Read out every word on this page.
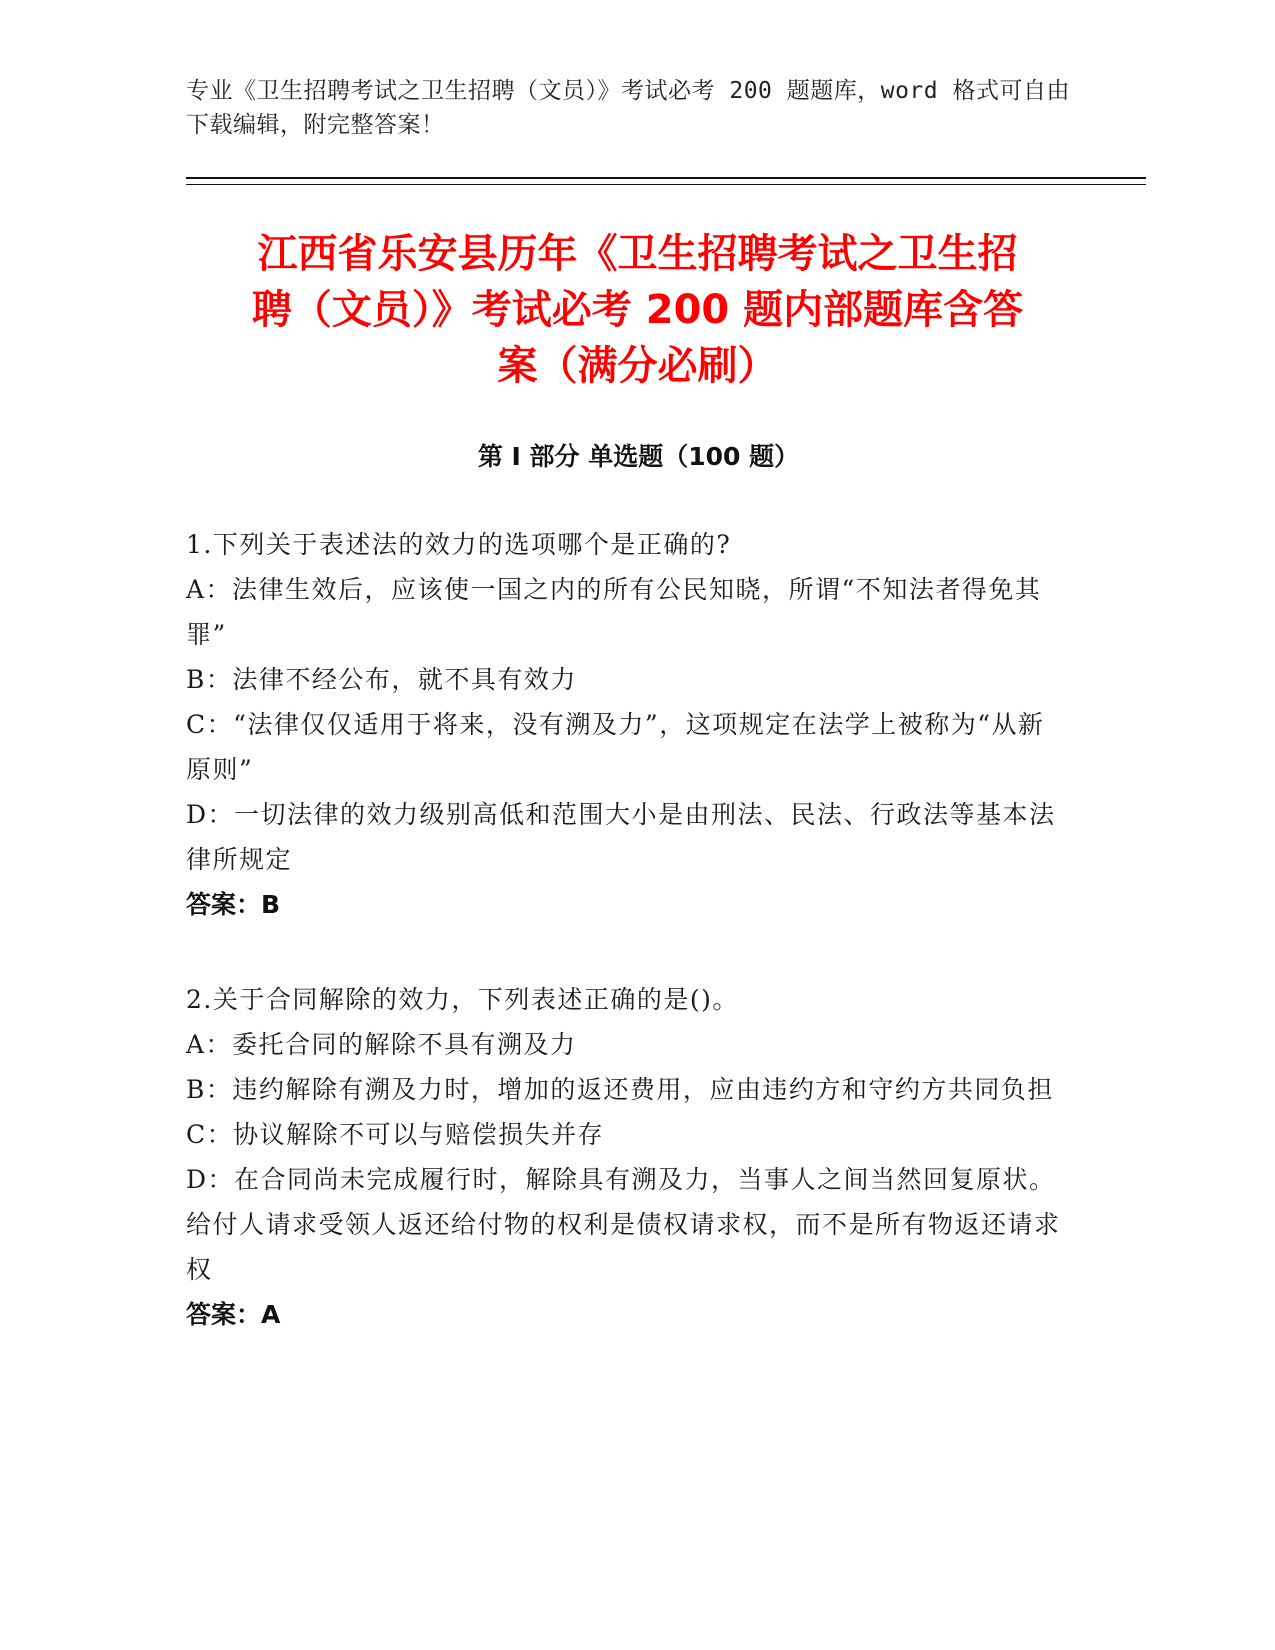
专业《卫生招聘考试之卫生招聘（文员）》考试必考 200 题题库，word 格式可自由下载编辑，附完整答案！
江西省乐安县历年《卫生招聘考试之卫生招
聘（文员）》考试必考 200 题内部题库含答
案（满分必刷）
第 I 部分 单选题（100 题）

1.下列关于表述法的效力的选项哪个是正确的?

A：法律生效后，应该使一国之内的所有公民知晓，所谓“不知法者得免其罪”

B：法律不经公布，就不具有效力

C：“法律仅仅适用于将来，没有溯及力”，这项规定在法学上被称为“从新原则”

D：一切法律的效力级别高低和范围大小是由刑法、民法、行政法等基本法律所规定

答案：B

2.关于合同解除的效力，下列表述正确的是()。

A：委托合同的解除不具有溯及力

B：违约解除有溯及力时，增加的返还费用，应由违约方和守约方共同负担

C：协议解除不可以与赔偿损失并存

D：在合同尚未完成履行时，解除具有溯及力，当事人之间当然回复原状。给付人请求受领人返还给付物的权利是债权请求权，而不是所有物返还请求权

答案：A
